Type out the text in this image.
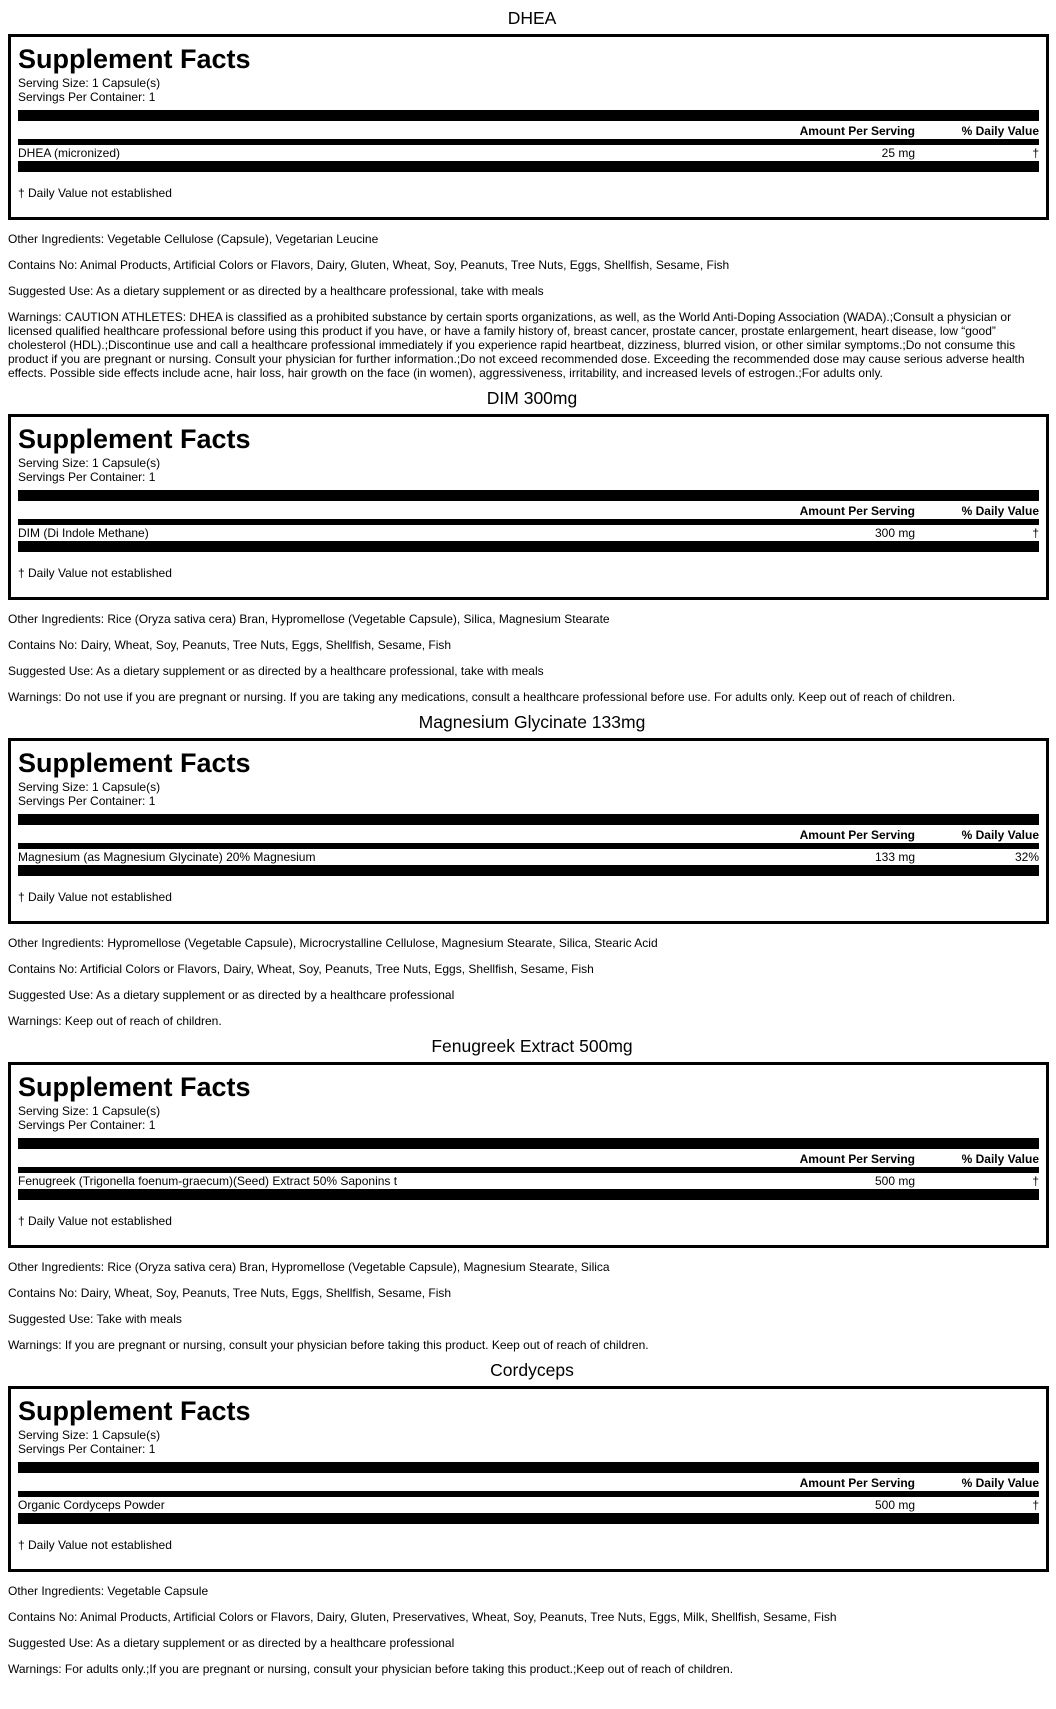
DHEA
Supplement Facts
Serving Size: 1 Capsule(s)
Servings Per Container: 1
Amount Per Serving	% Daily Value
DHEA (micronized)	25 mg	†
† Daily Value not established

Other Ingredients: Vegetable Cellulose (Capsule), Vegetarian Leucine

Contains No: Animal Products, Artificial Colors or Flavors, Dairy, Gluten, Wheat, Soy, Peanuts, Tree Nuts, Eggs, Shellfish, Sesame, Fish

Suggested Use: As a dietary supplement or as directed by a healthcare professional, take with meals

Warnings: CAUTION ATHLETES: DHEA is classified as a prohibited substance by certain sports organizations, as well, as the World Anti-Doping Association (WADA).;Consult a physician or licensed qualified healthcare professional before using this product if you have, or have a family history of, breast cancer, prostate cancer, prostate enlargement, heart disease, low “good” cholesterol (HDL).;Discontinue use and call a healthcare professional immediately if you experience rapid heartbeat, dizziness, blurred vision, or other similar symptoms.;Do not consume this product if you are pregnant or nursing. Consult your physician for further information.;Do not exceed recommended dose. Exceeding the recommended dose may cause serious adverse health effects. Possible side effects include acne, hair loss, hair growth on the face (in women), aggressiveness, irritability, and increased levels of estrogen.;For adults only.

DIM 300mg
Supplement Facts
Serving Size: 1 Capsule(s)
Servings Per Container: 1
Amount Per Serving	% Daily Value
DIM (Di Indole Methane)	300 mg	†
† Daily Value not established

Other Ingredients: Rice (Oryza sativa cera) Bran, Hypromellose (Vegetable Capsule), Silica, Magnesium Stearate

Contains No: Dairy, Wheat, Soy, Peanuts, Tree Nuts, Eggs, Shellfish, Sesame, Fish

Suggested Use: As a dietary supplement or as directed by a healthcare professional, take with meals

Warnings: Do not use if you are pregnant or nursing. If you are taking any medications, consult a healthcare professional before use. For adults only. Keep out of reach of children.

Magnesium Glycinate 133mg
Supplement Facts
Serving Size: 1 Capsule(s)
Servings Per Container: 1
Amount Per Serving	% Daily Value
Magnesium (as Magnesium Glycinate) 20% Magnesium	133 mg	32%
† Daily Value not established

Other Ingredients: Hypromellose (Vegetable Capsule), Microcrystalline Cellulose, Magnesium Stearate, Silica, Stearic Acid

Contains No: Artificial Colors or Flavors, Dairy, Wheat, Soy, Peanuts, Tree Nuts, Eggs, Shellfish, Sesame, Fish

Suggested Use: As a dietary supplement or as directed by a healthcare professional

Warnings: Keep out of reach of children.

Fenugreek Extract 500mg
Supplement Facts
Serving Size: 1 Capsule(s)
Servings Per Container: 1
Amount Per Serving	% Daily Value
Fenugreek (Trigonella foenum-graecum)(Seed) Extract 50% Saponins t	500 mg	†
† Daily Value not established

Other Ingredients: Rice (Oryza sativa cera) Bran, Hypromellose (Vegetable Capsule), Magnesium Stearate, Silica

Contains No: Dairy, Wheat, Soy, Peanuts, Tree Nuts, Eggs, Shellfish, Sesame, Fish

Suggested Use: Take with meals

Warnings: If you are pregnant or nursing, consult your physician before taking this product. Keep out of reach of children.

Cordyceps
Supplement Facts
Serving Size: 1 Capsule(s)
Servings Per Container: 1
Amount Per Serving	% Daily Value
Organic Cordyceps Powder	500 mg	†
† Daily Value not established

Other Ingredients: Vegetable Capsule

Contains No: Animal Products, Artificial Colors or Flavors, Dairy, Gluten, Preservatives, Wheat, Soy, Peanuts, Tree Nuts, Eggs, Milk, Shellfish, Sesame, Fish

Suggested Use: As a dietary supplement or as directed by a healthcare professional

Warnings: For adults only.;If you are pregnant or nursing, consult your physician before taking this product.;Keep out of reach of children.
